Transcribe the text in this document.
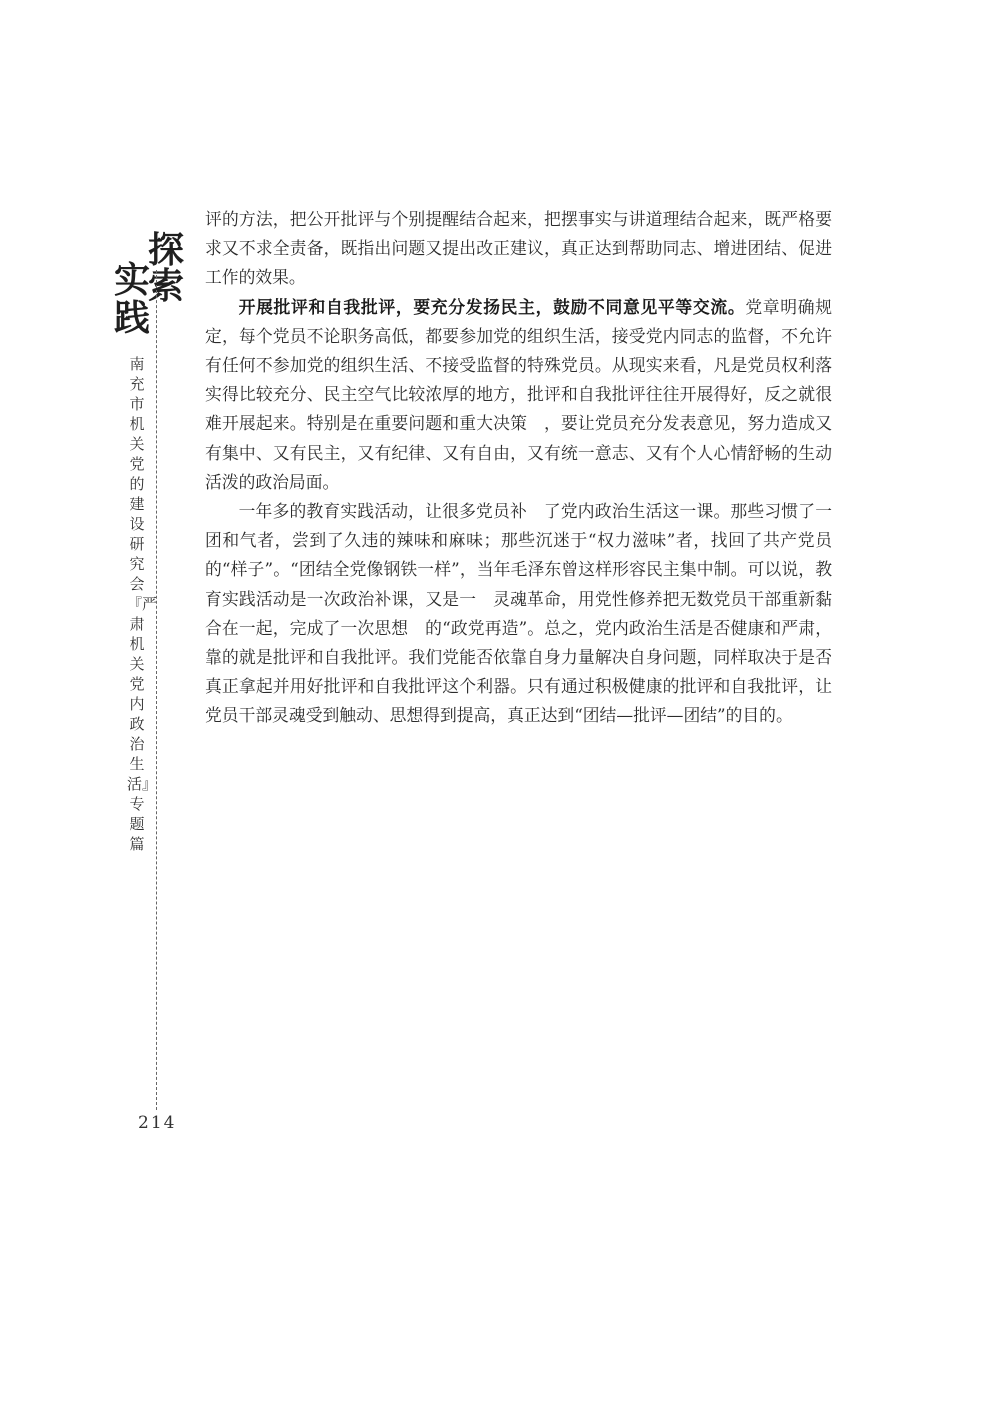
探
索
实
践
南充市机关党的建设研究会『严肃机关党内政治生活』专题篇
214

评的方法，把公开批评与个别提醒结合起来，把摆事实与讲道理结合起来，既严格要求又不求全责备，既指出问题又提出改正建议，真正达到帮助同志、增进团结、促进工作的效果。

开展批评和自我批评，要充分发扬民主，鼓励不同意见平等交流。党章明确规定，每个党员不论职务高低，都要参加党的组织生活，接受党内同志的监督，不允许有任何不参加党的组织生活、不接受监督的特殊党员。从现实来看，凡是党员权利落实得比较充分、民主空气比较浓厚的地方，批评和自我批评往往开展得好，反之就很难开展起来。特别是在重要问题和重大决策　，要让党员充分发表意见，努力造成又有集中、又有民主，又有纪律、又有自由，又有统一意志、又有个人心情舒畅的生动活泼的政治局面。

一年多的教育实践活动，让很多党员补　了党内政治生活这一课。那些习惯了一团和气者，尝到了久违的辣味和麻味；那些沉迷于“权力滋味”者，找回了共产党员的“样子”。“团结全党像钢铁一样”，当年毛泽东曾这样形容民主集中制。可以说，教育实践活动是一次政治补课，又是一　灵魂革命，用党性修养把无数党员干部重新黏合在一起，完成了一次思想　的“政党再造”。总之，党内政治生活是否健康和严肃，靠的就是批评和自我批评。我们党能否依靠自身力量解决自身问题，同样取决于是否真正拿起并用好批评和自我批评这个利器。只有通过积极健康的批评和自我批评，让党员干部灵魂受到触动、思想得到提高，真正达到“团结—批评—团结”的目的。
